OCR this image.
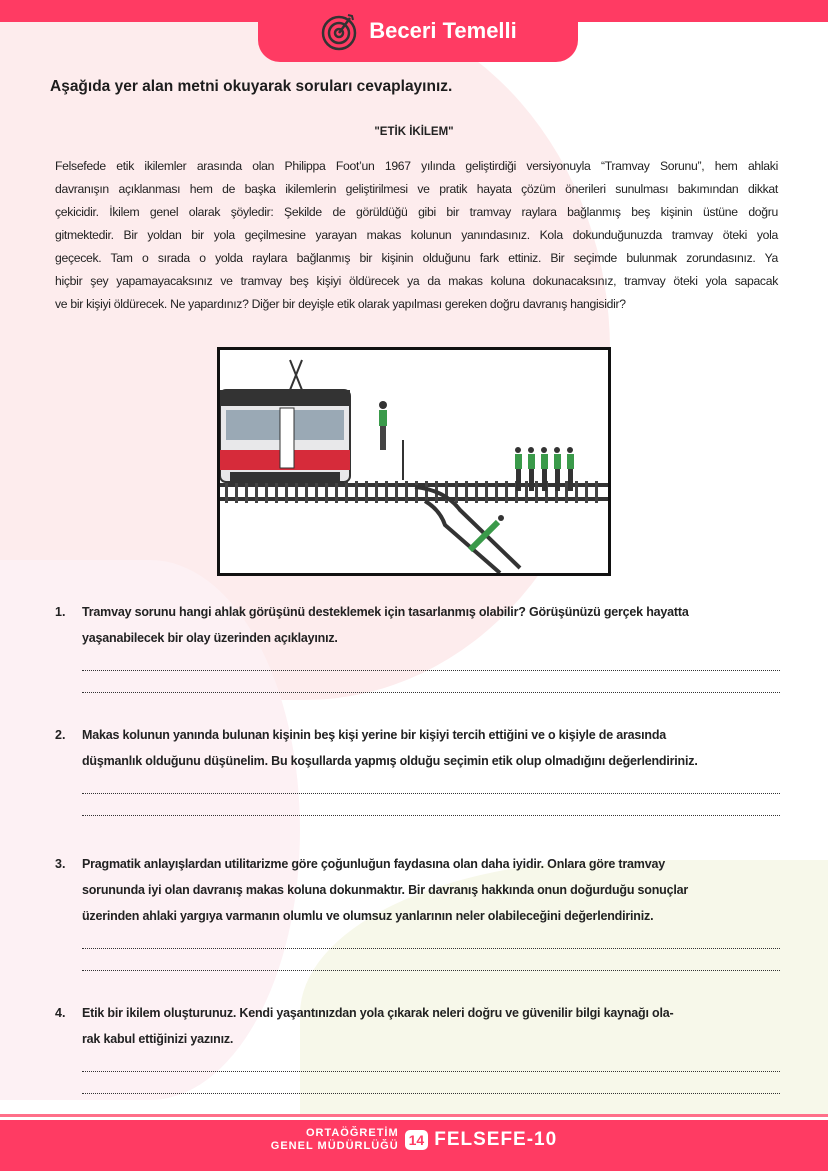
Beceri Temelli
Aşağıda yer alan metni okuyarak soruları cevaplayınız.
"ETİK İKİLEM"
Felsefede etik ikilemler arasında olan Philippa Foot’un 1967 yılında geliştirdiği versiyonuyla “Tramvay Sorunu”, hem ahlaki
davranışın açıklanması hem de başka ikilemlerin geliştirilmesi ve pratik hayata çözüm önerileri sunulması bakımından dikkat
çekicidir. İkilem genel olarak şöyledir: Şekilde de görüldüğü gibi bir tramvay raylara bağlanmış beş kişinin üstüne doğru
gitmektedir. Bir yoldan bir yola geçilmesine yarayan makas kolunun yanındasınız. Kola dokunduğunuzda tramvay öteki yola
geçecek. Tam o sırada o yolda raylara bağlanmış bir kişinin olduğunu fark ettiniz. Bir seçimde bulunmak zorundasınız. Ya
hiçbir şey yapamayacaksınız ve tramvay beş kişiyi öldürecek ya da makas koluna dokunacaksınız, tramvay öteki yola sapacak
ve bir kişiyi öldürecek. Ne yapardınız? Diğer bir deyişle etik olarak yapılması gereken doğru davranış hangisidir?
1.	Tramvay sorunu hangi ahlak görüşünü desteklemek için tasarlanmış olabilir? Görüşünüzü gerçek hayatta
yaşanabilecek bir olay üzerinden açıklayınız.
2.	Makas kolunun yanında bulunan kişinin beş kişi yerine bir kişiyi tercih ettiğini ve o kişiyle de arasında
düşmanlık olduğunu düşünelim. Bu koşullarda yapmış olduğu seçimin etik olup olmadığını değerlendiriniz.
3.	Pragmatik anlayışlardan utilitarizme göre çoğunluğun faydasına olan daha iyidir. Onlara göre tramvay
sorununda iyi olan davranış makas koluna dokunmaktır. Bir davranış hakkında onun doğurduğu sonuçlar
üzerinden ahlaki yargıya varmanın olumlu ve olumsuz yanlarının neler olabileceğini değerlendiriniz.
4.	Etik bir ikilem oluşturunuz. Kendi yaşantınızdan yola çıkarak neleri doğru ve güvenilir bilgi kaynağı ola-
rak kabul ettiğinizi yazınız.
ORTAÖĞRETİM
GENEL MÜDÜRLÜĞÜ 14 FELSEFE-10
